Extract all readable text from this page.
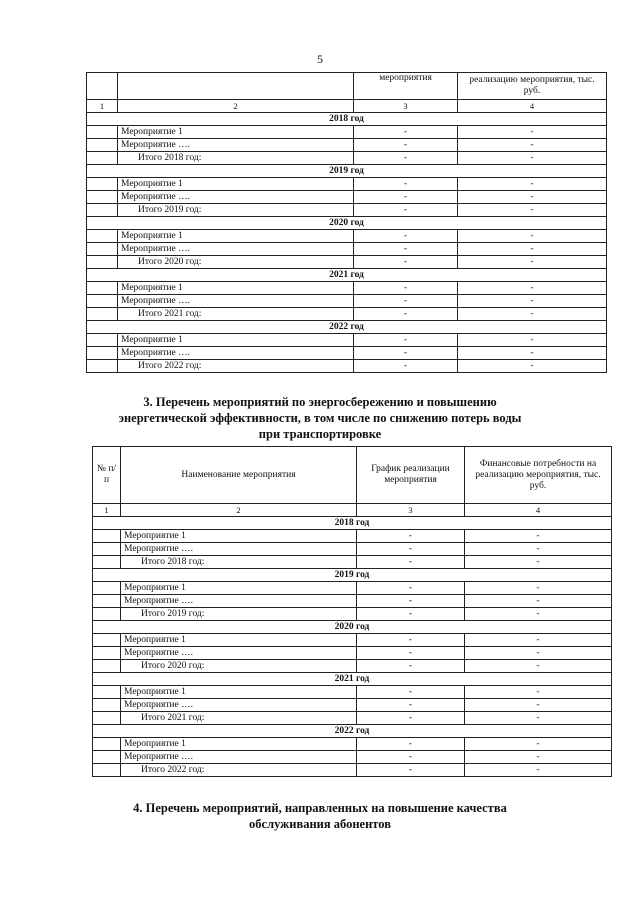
5
		мероприятия	реализацию мероприятия, тыс. руб.
1	2	3	4
2018 год			
	Мероприятие 1	-	-
	Мероприятие ….	-	-
	Итого 2018 год:	-	-
2019 год			
	Мероприятие 1	-	-
	Мероприятие ….	-	-
	Итого 2019 год:	-	-
2020 год			
	Мероприятие 1	-	-
	Мероприятие ….	-	-
	Итого 2020 год:	-	-
2021 год			
	Мероприятие 1	-	-
	Мероприятие ….	-	-
	Итого 2021 год:	-	-
2022 год			
	Мероприятие 1	-	-
	Мероприятие ….	-	-
	Итого 2022 год:	-	-
3. Перечень мероприятий по энергосбережению и повышению
энергетической эффективности, в том числе по снижению потерь воды
при транспортировке
№ п/п	Наименование мероприятия	График реализации мероприятия	Финансовые потребности на реализацию мероприятия, тыс. руб.
1	2	3	4
2018 год			
	Мероприятие 1	-	-
	Мероприятие ….	-	-
	Итого 2018 год:	-	-
2019 год			
	Мероприятие 1	-	-
	Мероприятие ….	-	-
	Итого 2019 год:	-	-
2020 год			
	Мероприятие 1	-	-
	Мероприятие ….	-	-
	Итого 2020 год:	-	-
2021 год			
	Мероприятие 1	-	-
	Мероприятие ….	-	-
	Итого 2021 год:	-	-
2022 год			
	Мероприятие 1	-	-
	Мероприятие ….	-	-
	Итого 2022 год:	-	-
4. Перечень мероприятий, направленных на повышение качества
обслуживания абонентов
